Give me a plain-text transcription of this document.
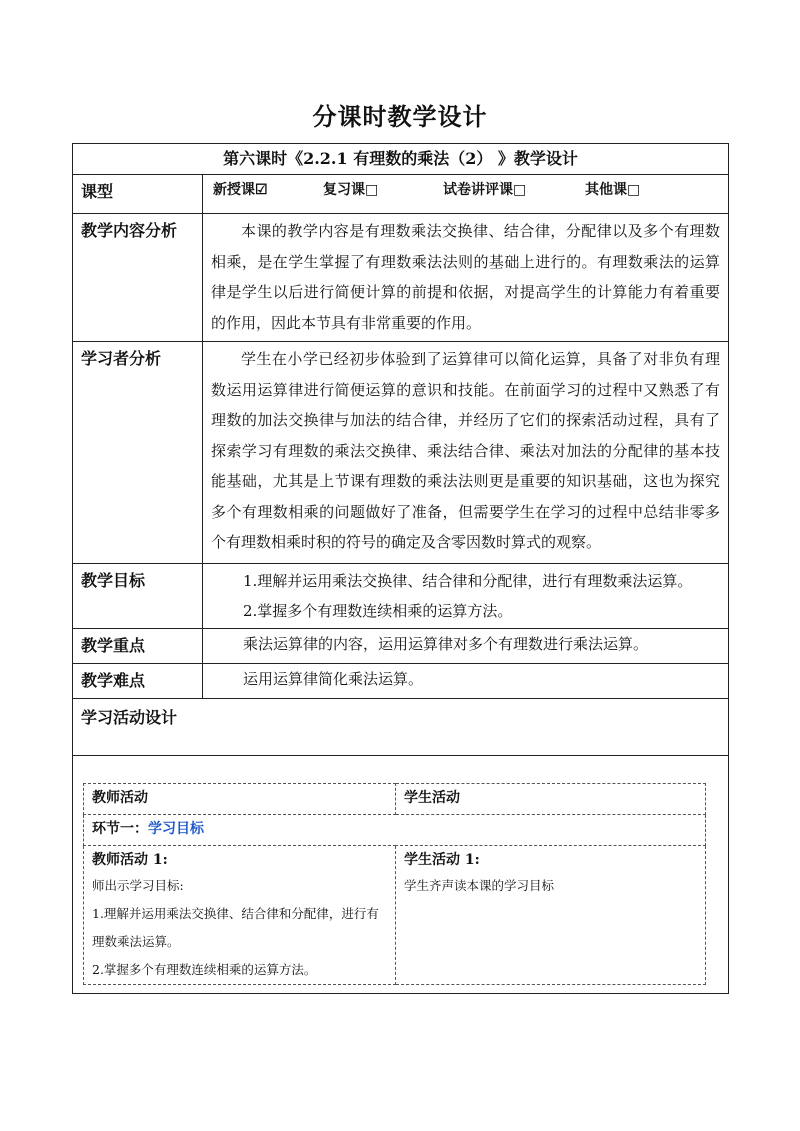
分课时教学设计
第六课时《2.2.1 有理数的乘法（2） 》教学设计
课型	新授课☑	复习课□	试卷讲评课□	其他课□
教学内容分析	本课的教学内容是有理数乘法交换律、结合律，分配律以及多个有理数相乘，是在学生掌握了有理数乘法法则的基础上进行的。有理数乘法的运算律是学生以后进行简便计算的前提和依据，对提高学生的计算能力有着重要的作用，因此本节具有非常重要的作用。

学习者分析	学生在小学已经初步体验到了运算律可以简化运算，具备了对非负有理数运用运算律进行简便运算的意识和技能。在前面学习的过程中又熟悉了有理数的加法交换律与加法的结合律，并经历了它们的探索活动过程，具有了探索学习有理数的乘法交换律、乘法结合律、乘法对加法的分配律的基本技能基础，尤其是上节课有理数的乘法法则更是重要的知识基础，这也为探究多个有理数相乘的问题做好了准备，但需要学生在学习的过程中总结非零多个有理数相乘时积的符号的确定及含零因数时算式的观察。

教学目标	1.理解并运用乘法交换律、结合律和分配律，进行有理数乘法运算。

2.掌握多个有理数连续相乘的运算方法。

教学重点	乘法运算律的内容，运用运算律对多个有理数进行乘法运算。

教学难点	运用运算律简化乘法运算。

学习活动设计

教师活动	学生活动
环节一：学习目标

教师活动 1:
师出示学习目标:
1.理解并运用乘法交换律、结合律和分配律，进行有理数乘法运算。
2.掌握多个有理数连续相乘的运算方法。

学生活动 1:
学生齐声读本课的学习目标
